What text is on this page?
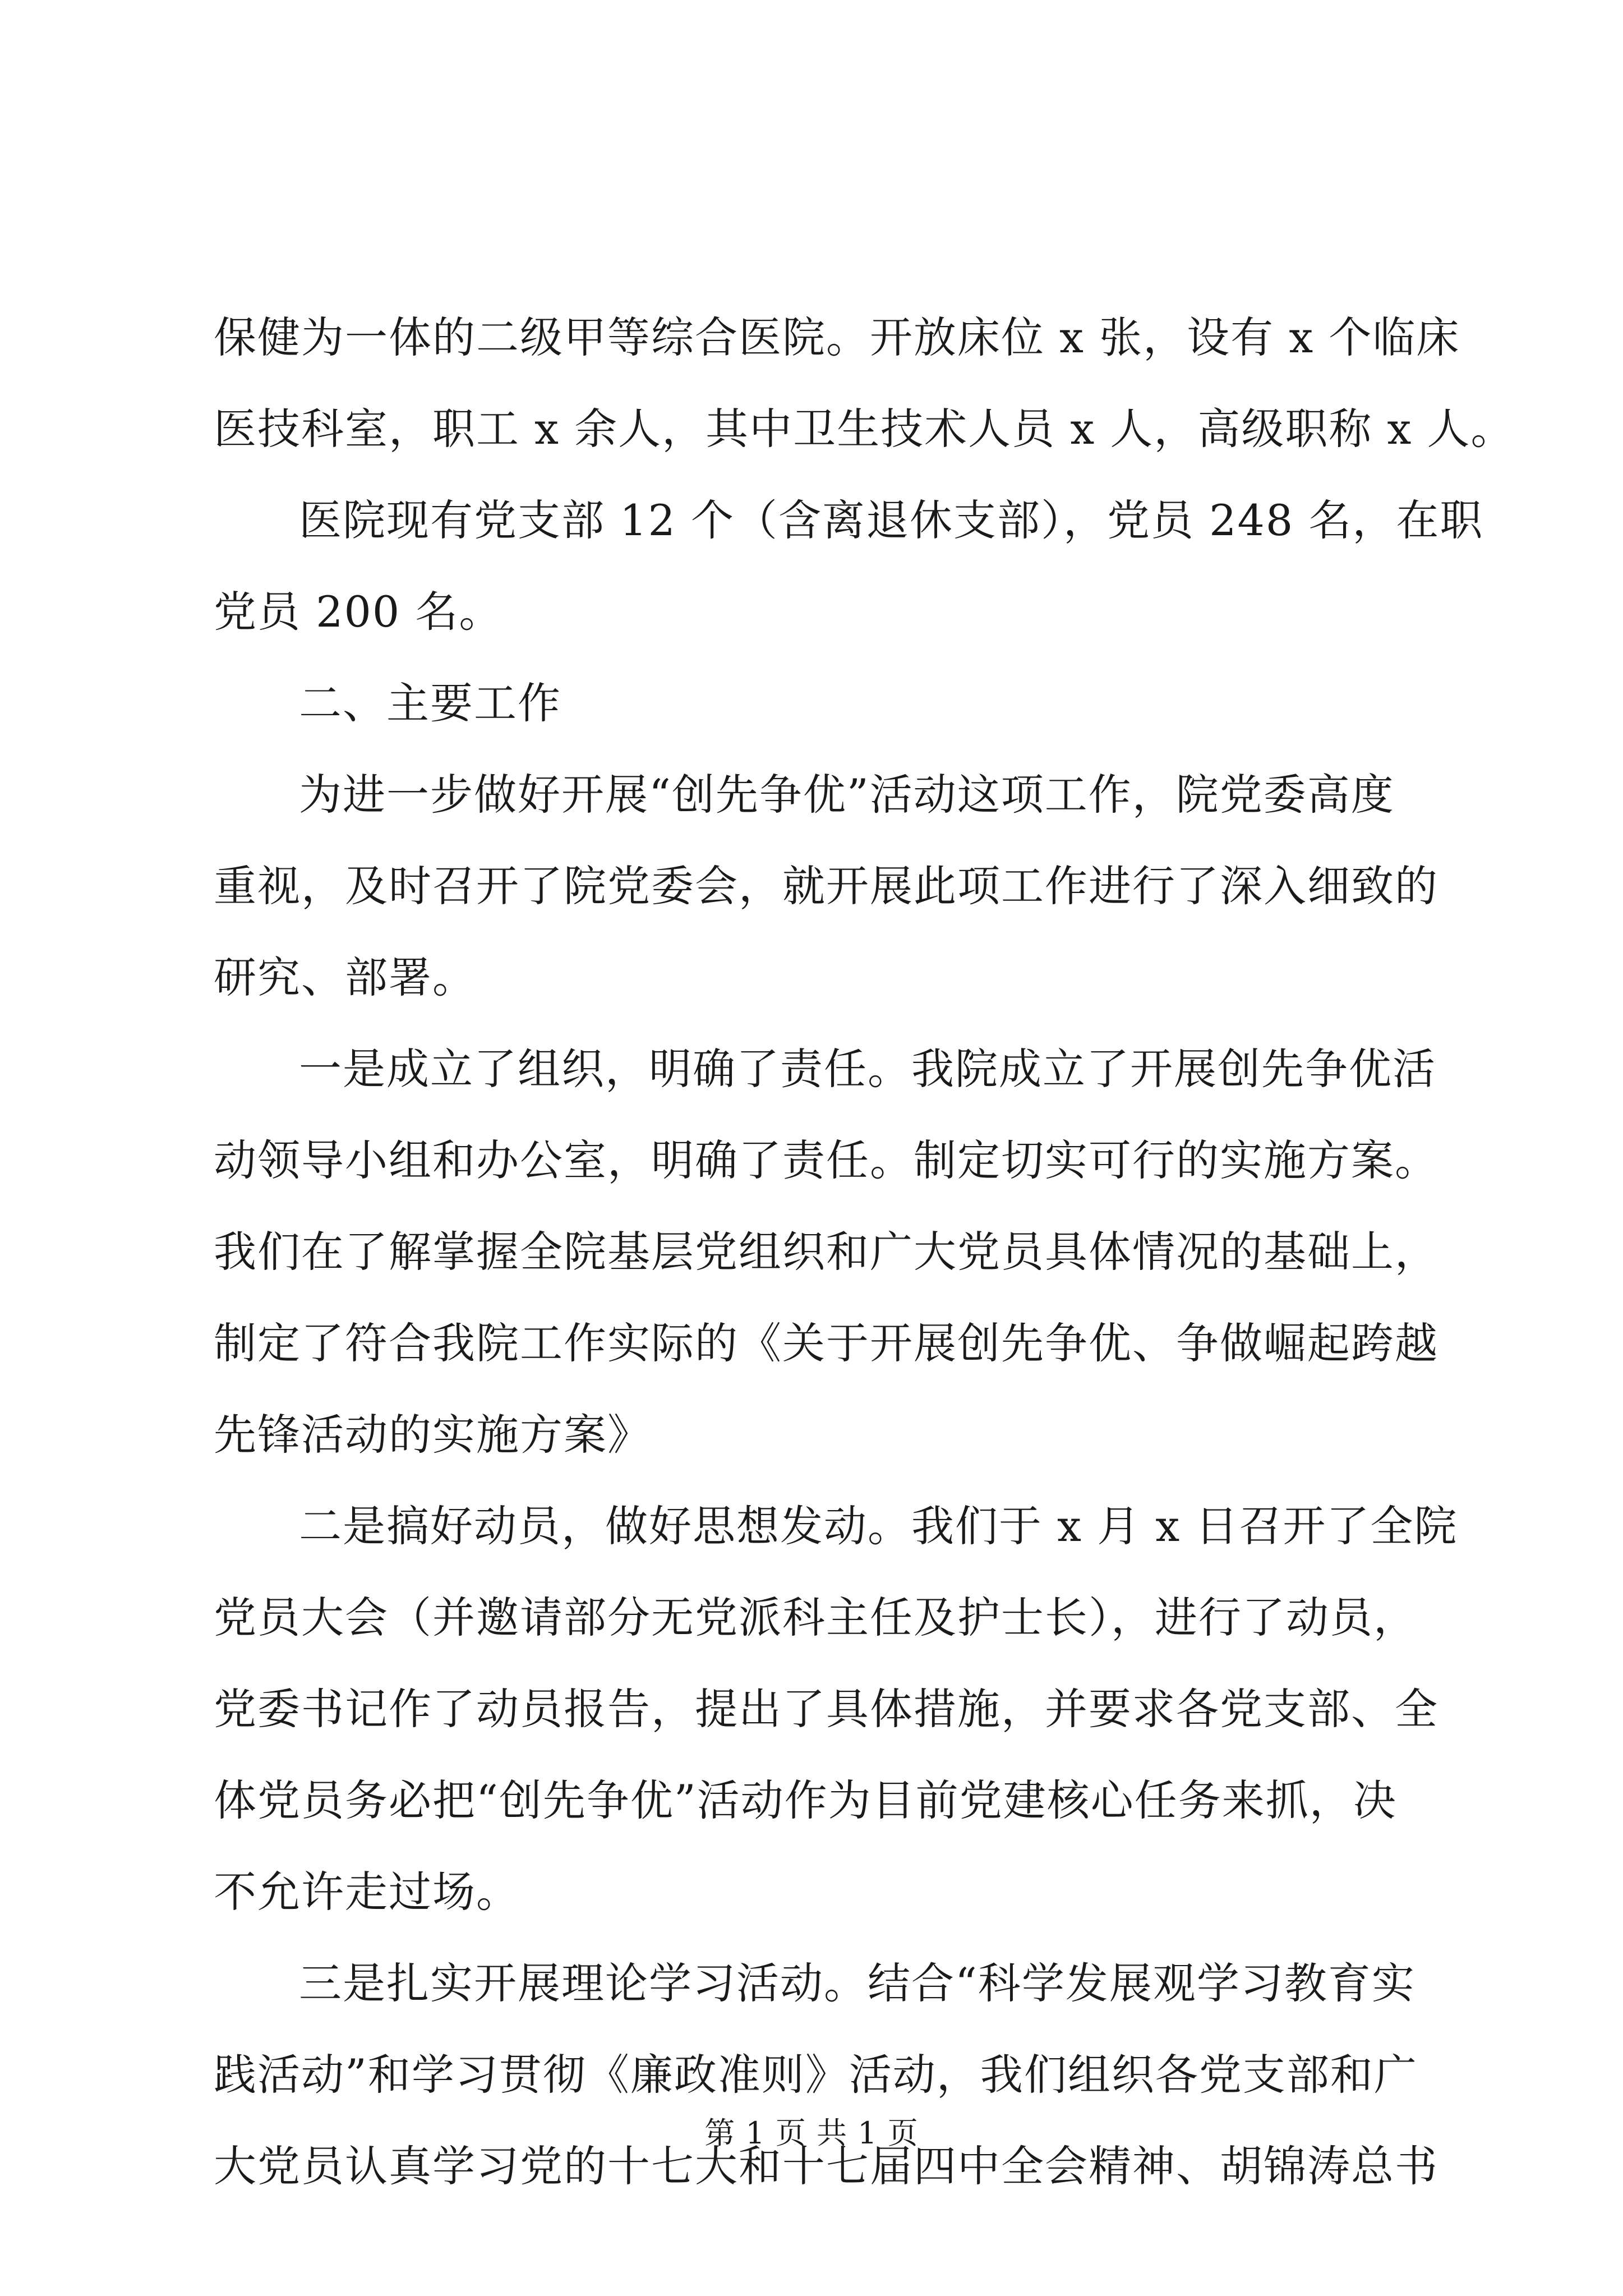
保健为一体的二级甲等综合医院。开放床位 x 张，设有 x 个临床
医技科室，职工 x 余人，其中卫生技术人员 x 人，高级职称 x 人。
医院现有党支部 12 个（含离退休支部），党员 248 名，在职
党员 200 名。
二、主要工作
为进一步做好开展“创先争优”活动这项工作，院党委高度
重视，及时召开了院党委会，就开展此项工作进行了深入细致的
研究、部署。
一是成立了组织，明确了责任。我院成立了开展创先争优活
动领导小组和办公室，明确了责任。制定切实可行的实施方案。
我们在了解掌握全院基层党组织和广大党员具体情况的基础上，
制定了符合我院工作实际的《关于开展创先争优、争做崛起跨越
先锋活动的实施方案》
二是搞好动员，做好思想发动。我们于 x 月 x 日召开了全院
党员大会（并邀请部分无党派科主任及护士长），进行了动员，
党委书记作了动员报告，提出了具体措施，并要求各党支部、全
体党员务必把“创先争优”活动作为目前党建核心任务来抓，决
不允许走过场。
三是扎实开展理论学习活动。结合“科学发展观学习教育实
践活动”和学习贯彻《廉政准则》活动，我们组织各党支部和广
大党员认真学习党的十七大和十七届四中全会精神、胡锦涛总书
第 1 页 共 1 页
